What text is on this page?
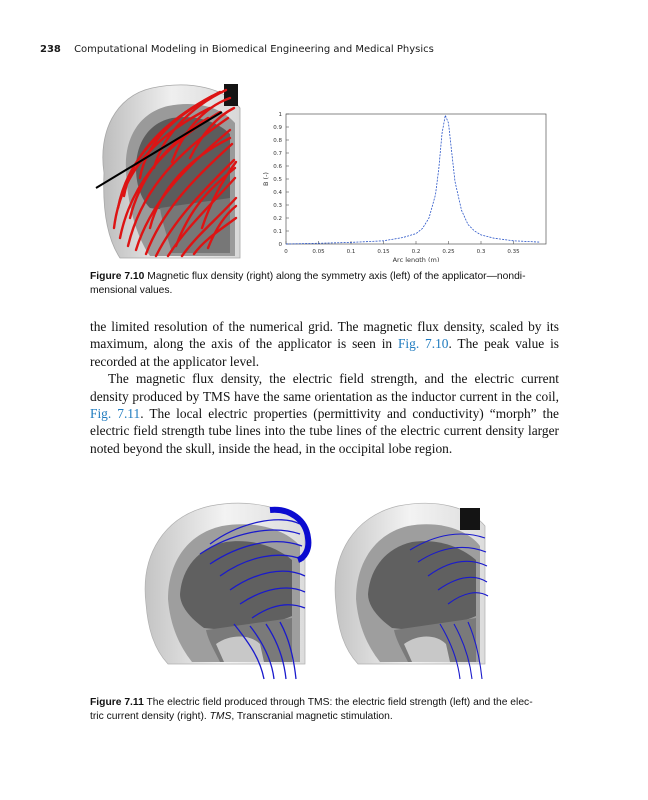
238 Computational Modeling in Biomedical Engineering and Medical Physics
0	0.05	0.1	0.15	0.2	0.25	0.3	0.35
0
0.1
0.2
0.3
0.4
0.5
0.6
0.7
0.8
0.9
1
Arc length (m)
B (-)
Figure 7.10 Magnetic flux density (right) along the symmetry axis (left) of the applicator—nondi-
mensional values.

the limited resolution of the numerical grid. The magnetic flux density, scaled by its maximum, along the axis of the applicator is seen in Fig. 7.10. The peak value is recorded at the applicator level.

The magnetic flux density, the electric field strength, and the electric current density produced by TMS have the same orientation as the inductor current in the coil, Fig. 7.11. The local electric properties (permittivity and conductivity) “morph” the electric field strength tube lines into the tube lines of the electric current density larger noted beyond the skull, inside the head, in the occipital lobe region.

Figure 7.11 The electric field produced through TMS: the electric field strength (left) and the elec-
tric current density (right). TMS, Transcranial magnetic stimulation.
